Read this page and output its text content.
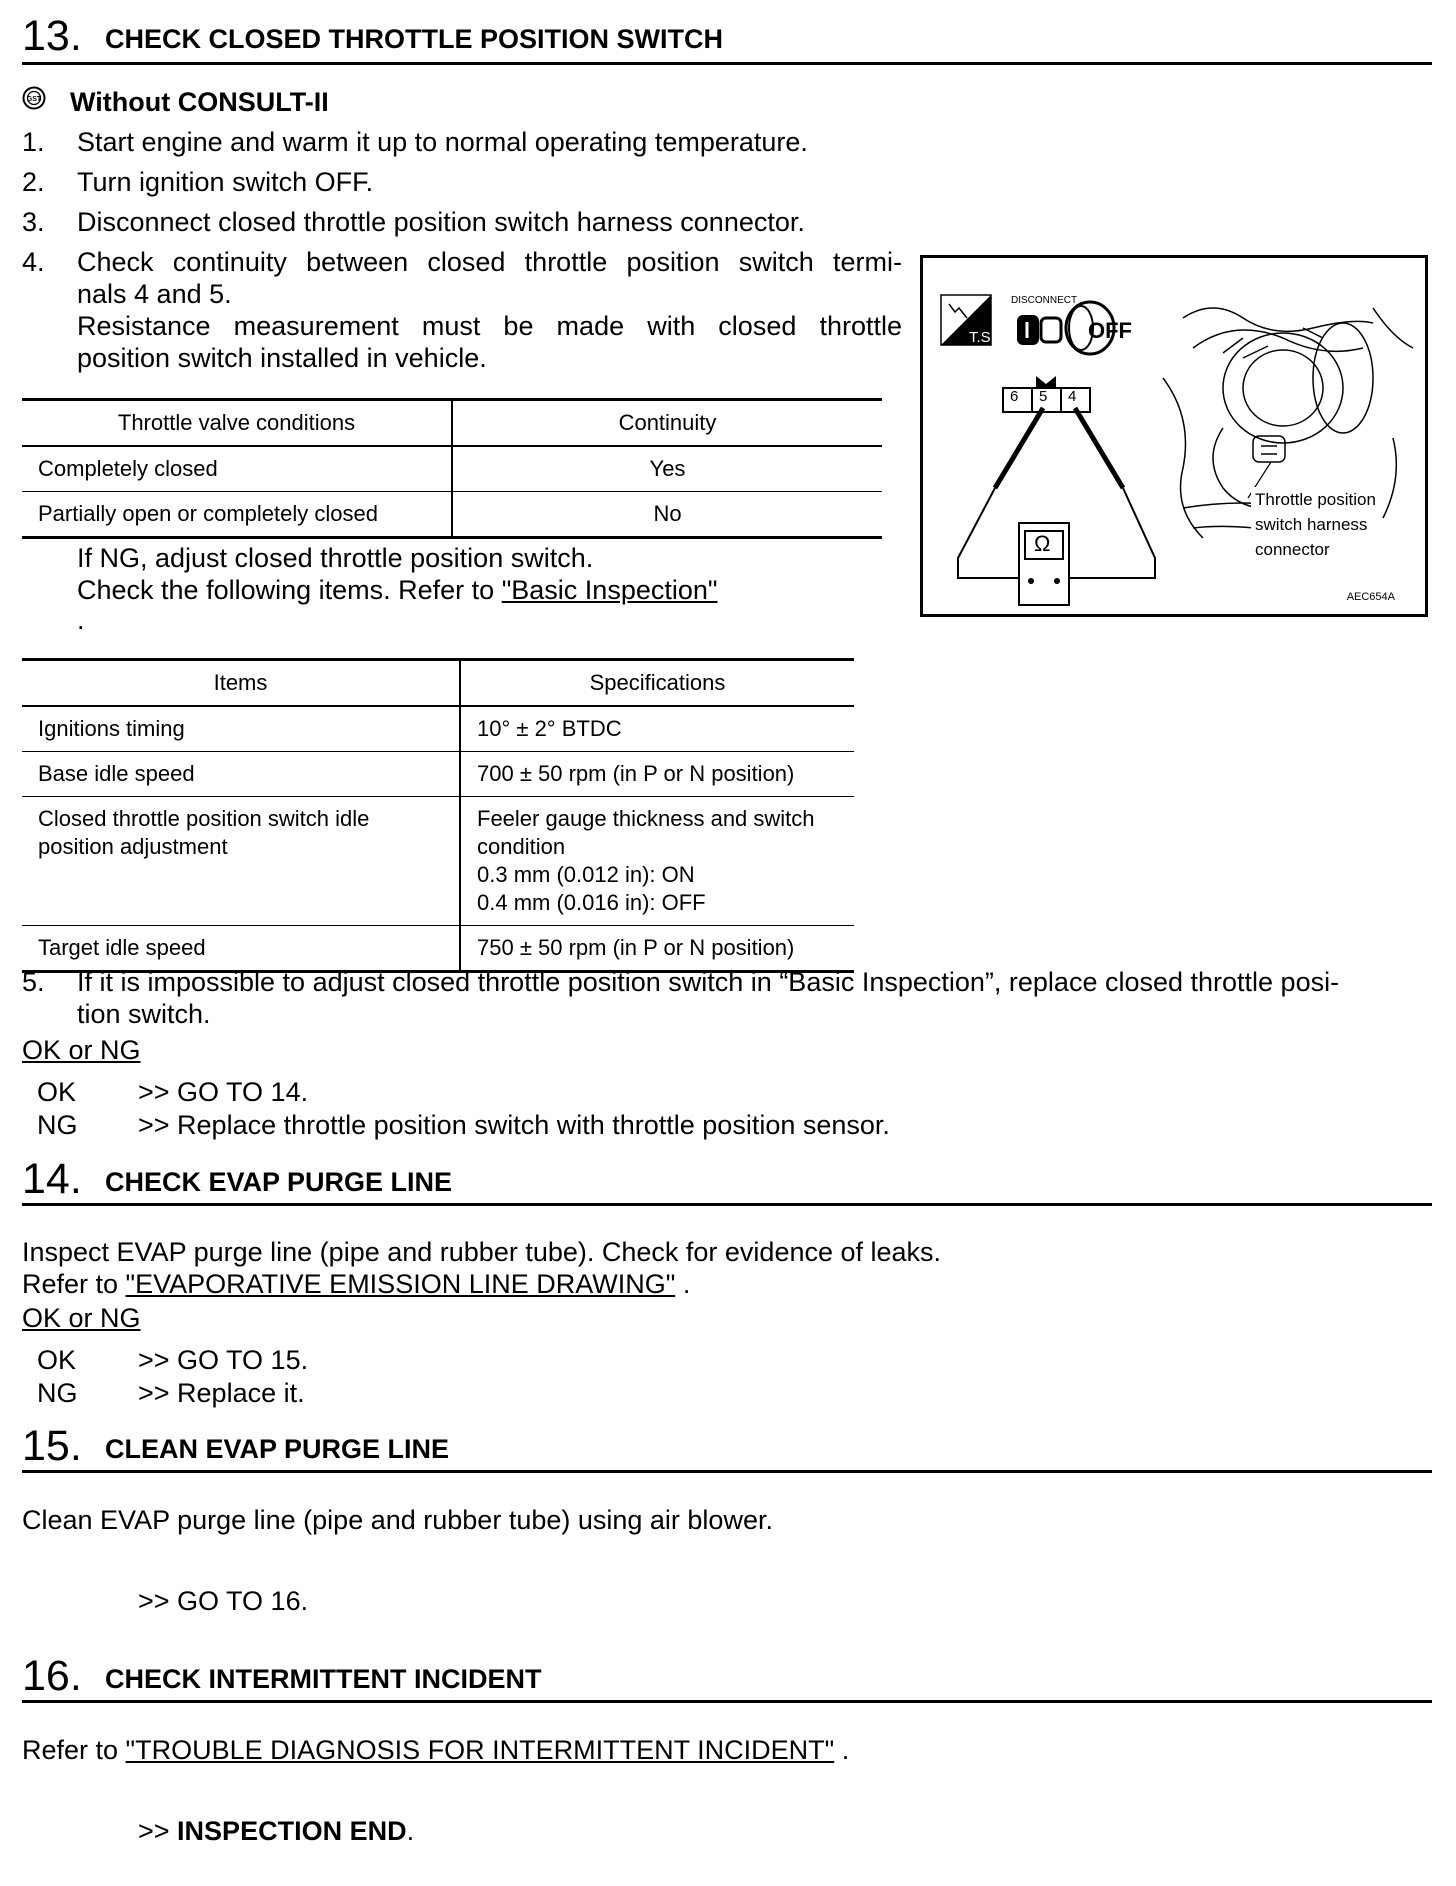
13. CHECK CLOSED THROTTLE POSITION SWITCH
GST Without CONSULT-II
1. Start engine and warm it up to normal operating temperature.
2. Turn ignition switch OFF.
3. Disconnect closed throttle position switch harness connector.
4. Check continuity between closed throttle position switch termi-
nals 4 and 5.
Resistance measurement must be made with closed throttle
position switch installed in vehicle.
Throttle valve conditions	Continuity
Completely closed	Yes
Partially open or completely closed	No
If NG, adjust closed throttle position switch.
Check the following items. Refer to "Basic Inspection"
.
Items	Specifications
Ignitions timing	10° ± 2° BTDC
Base idle speed	700 ± 50 rpm (in P or N position)
Closed throttle position switch idle position adjustment	Feeler gauge thickness and switch condition
0.3 mm (0.012 in): ON
0.4 mm (0.016 in): OFF

Target idle speed	750 ± 50 rpm (in P or N position)
5. If it is impossible to adjust closed throttle position switch in “Basic Inspection”, replace closed throttle posi-
tion switch.
OK or NG
OK >> GO TO 14.
NG >> Replace throttle position switch with throttle position sensor.
T.S.
DISCONNECT
OFF
6 5 4
Ω
Throttle position
switch harness
connector
AEC654A
14. CHECK EVAP PURGE LINE
Inspect EVAP purge line (pipe and rubber tube). Check for evidence of leaks.
Refer to "EVAPORATIVE EMISSION LINE DRAWING" .
OK or NG
OK >> GO TO 15.
NG >> Replace it.
15. CLEAN EVAP PURGE LINE
Clean EVAP purge line (pipe and rubber tube) using air blower.
>> GO TO 16.
16. CHECK INTERMITTENT INCIDENT
Refer to "TROUBLE DIAGNOSIS FOR INTERMITTENT INCIDENT" .
>> INSPECTION END.
